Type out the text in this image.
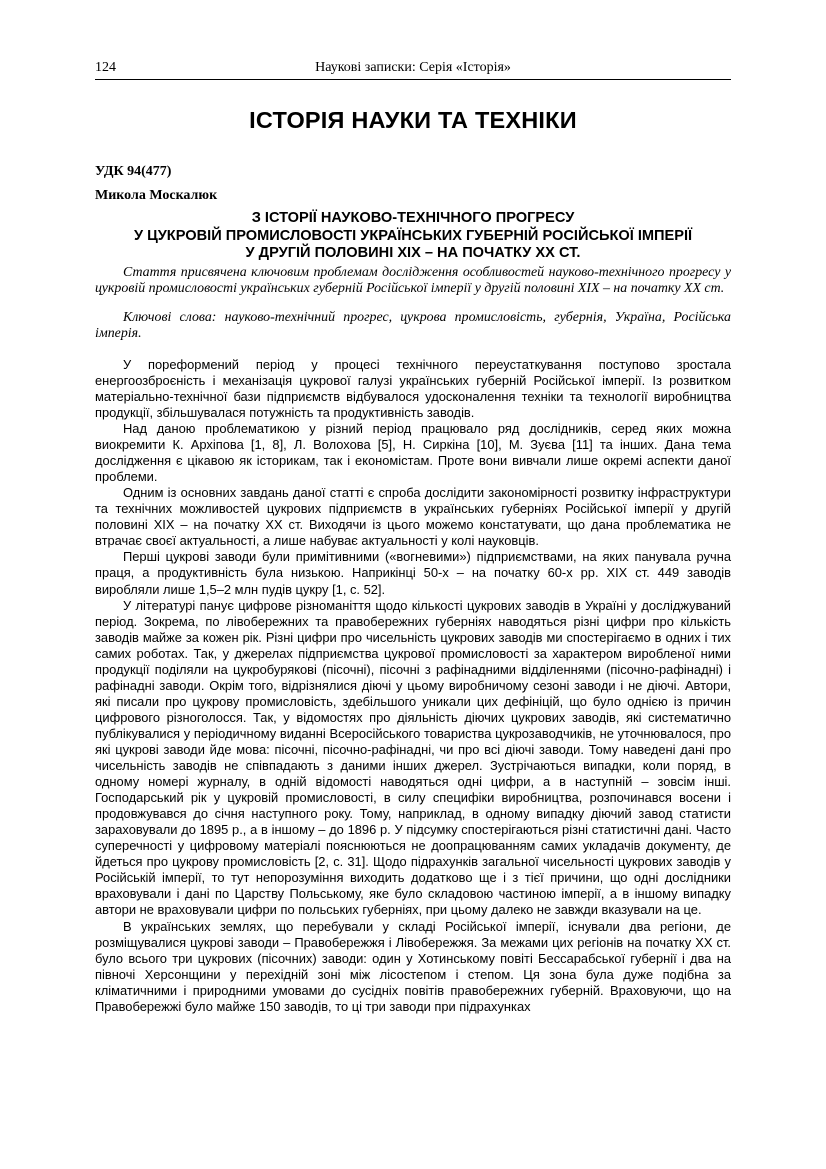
124	Наукові записки: Серія «Історія»
ІСТОРІЯ НАУКИ ТА ТЕХНІКИ
УДК 94(477)
Микола Москалюк
З ІСТОРІЇ НАУКОВО-ТЕХНІЧНОГО ПРОГРЕСУ
У ЦУКРОВІЙ ПРОМИСЛОВОСТІ УКРАЇНСЬКИХ ГУБЕРНІЙ РОСІЙСЬКОЇ ІМПЕРІЇ
У ДРУГІЙ ПОЛОВИНІ ХІХ – НА ПОЧАТКУ ХХ СТ.

Стаття присвячена ключовим проблемам дослідження особливостей науково-технічного прогресу у цукровій промисловості українських губерній Російської імперії у другій половині ХІХ – на початку ХХ ст.

Ключові слова: науково-технічний прогрес, цукрова промисловість, губернія, Україна, Російська імперія.

У пореформений період у процесі технічного переустаткування поступово зростала енергоозброєність і механізація цукрової галузі українських губерній Російської імперії. Із розвитком матеріально-технічної бази підприємств відбувалося удосконалення техніки та технології виробництва продукції, збільшувалася потужність та продуктивність заводів.

Над даною проблематикою у різний період працювало ряд дослідників, серед яких можна виокремити К. Архіпова [1, 8], Л. Волохова [5], Н. Сиркіна [10], М. Зуєва [11] та інших. Дана тема дослідження є цікавою як історикам, так і економістам. Проте вони вивчали лише окремі аспекти даної проблеми.

Одним із основних завдань даної статті є спроба дослідити закономірності розвитку інфраструктури та технічних можливостей цукрових підприємств в українських губерніях Російської імперії у другій половині ХІХ – на початку ХХ ст. Виходячи із цього можемо констатувати, що дана проблематика не втрачає своєї актуальності, а лише набуває актуальності у колі науковців.

Перші цукрові заводи були примітивними («вогневими») підприємствами, на яких панувала ручна праця, а продуктивність була низькою. Наприкінці 50-х – на початку 60-х рр. ХІХ ст. 449 заводів виробляли лише 1,5–2 млн пудів цукру [1, с. 52].

У літературі панує цифрове різноманіття щодо кількості цукрових заводів в Україні у досліджуваний період. Зокрема, по лівобережних та правобережних губерніях наводяться різні цифри про кількість заводів майже за кожен рік. Різні цифри про чисельність цукрових заводів ми спостерігаємо в одних і тих самих роботах. Так, у джерелах підприємства цукрової промисловості за характером виробленої ними продукції поділяли на цукробурякові (пісочні), пісочні з рафінадними відділеннями (пісочно-рафінадні) і рафінадні заводи. Окрім того, відрізнялися діючі у цьому виробничому сезоні заводи і не діючі. Автори, які писали про цукрову промисловість, здебільшого уникали цих дефініцій, що було однією із причин цифрового різноголосся. Так, у відомостях про діяльність діючих цукрових заводів, які систематично публікувалися у періодичному виданні Всеросійського товариства цукрозаводчиків, не уточнювалося, про які цукрові заводи йде мова: пісочні, пісочно-рафінадні, чи про всі діючі заводи. Тому наведені дані про чисельність заводів не співпадають з даними інших джерел. Зустрічаються випадки, коли поряд, в одному номері журналу, в одній відомості наводяться одні цифри, а в наступній – зовсім інші. Господарський рік у цукровій промисловості, в силу специфіки виробництва, розпочинався восени і продовжувався до січня наступного року. Тому, наприклад, в одному випадку діючий завод статисти зараховували до 1895 р., а в іншому – до 1896 р. У підсумку спостерігаються різні статистичні дані. Часто суперечності у цифровому матеріалі пояснюються не доопрацюванням самих укладачів документу, де йдеться про цукрову промисловість [2, с. 31]. Щодо підрахунків загальної чисельності цукрових заводів у Російській імперії, то тут непорозуміння виходить додатково ще і з тієї причини, що одні дослідники враховували і дані по Царству Польському, яке було складовою частиною імперії, а в іншому випадку автори не враховували цифри по польських губерніях, при цьому далеко не завжди вказували на це.

В українських землях, що перебували у складі Російської імперії, існували два регіони, де розміщувалися цукрові заводи – Правобережжя і Лівобережжя. За межами цих регіонів на початку ХХ ст. було всього три цукрових (пісочних) заводи: один у Хотинському повіті Бессарабської губернії і два на півночі Херсонщини у перехідній зоні між лісостепом і степом. Ця зона була дуже подібна за кліматичними і природними умовами до сусідніх повітів правобережних губерній. Враховуючи, що на Правобережжі було майже 150 заводів, то ці три заводи при підрахунках
